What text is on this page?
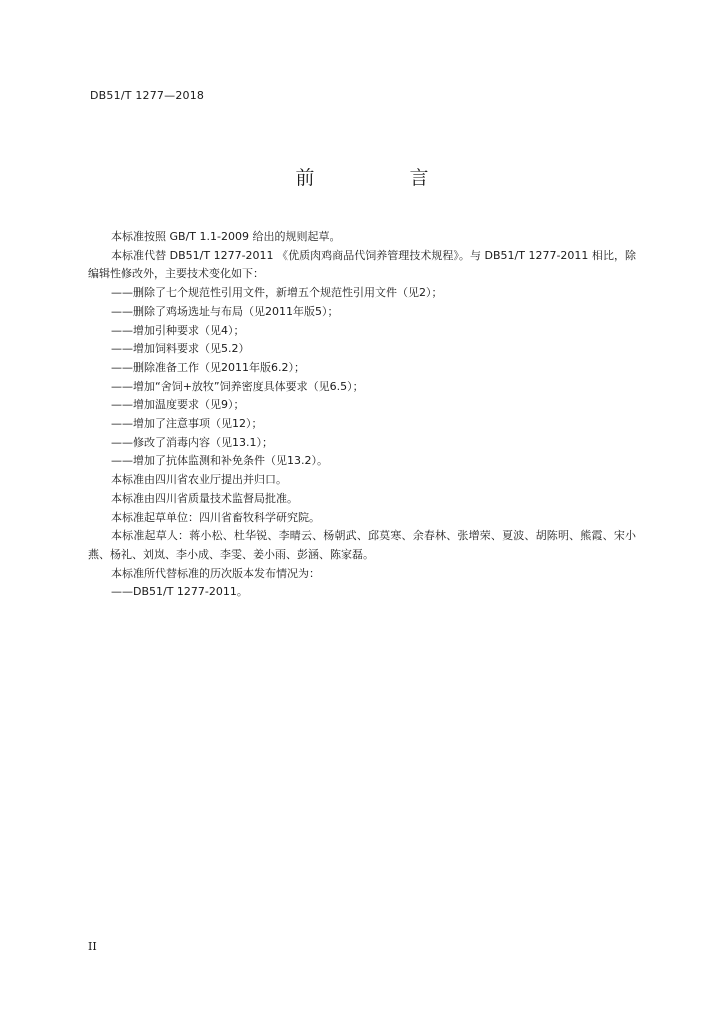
DB51/T 1277—2018
前　言

本标准按照 GB/T 1.1-2009 给出的规则起草。

本标准代替 DB51/T 1277-2011 《优质肉鸡商品代饲养管理技术规程》。与 DB51/T 1277-2011 相比，除编辑性修改外，主要技术变化如下：

——删除了七个规范性引用文件，新增五个规范性引用文件（见2）；

——删除了鸡场选址与布局（见2011年版5）；

——增加引种要求（见4）；

——增加饲料要求（见5.2）

——删除准备工作（见2011年版6.2）；

——增加“舍饲+放牧”饲养密度具体要求（见6.5）；

——增加温度要求（见9）；

——增加了注意事项（见12）；

——修改了消毒内容（见13.1）；

——增加了抗体监测和补免条件（见13.2）。

本标准由四川省农业厅提出并归口。

本标准由四川省质量技术监督局批准。

本标准起草单位：四川省畜牧科学研究院。

本标准起草人：蒋小松、杜华锐、李晴云、杨朝武、邱莫寒、余春林、张增荣、夏波、胡陈明、熊霞、宋小燕、杨礼、刘岚、李小成、李雯、姜小雨、彭涵、陈家磊。

本标准所代替标准的历次版本发布情况为：

——DB51/T 1277-2011。

II
